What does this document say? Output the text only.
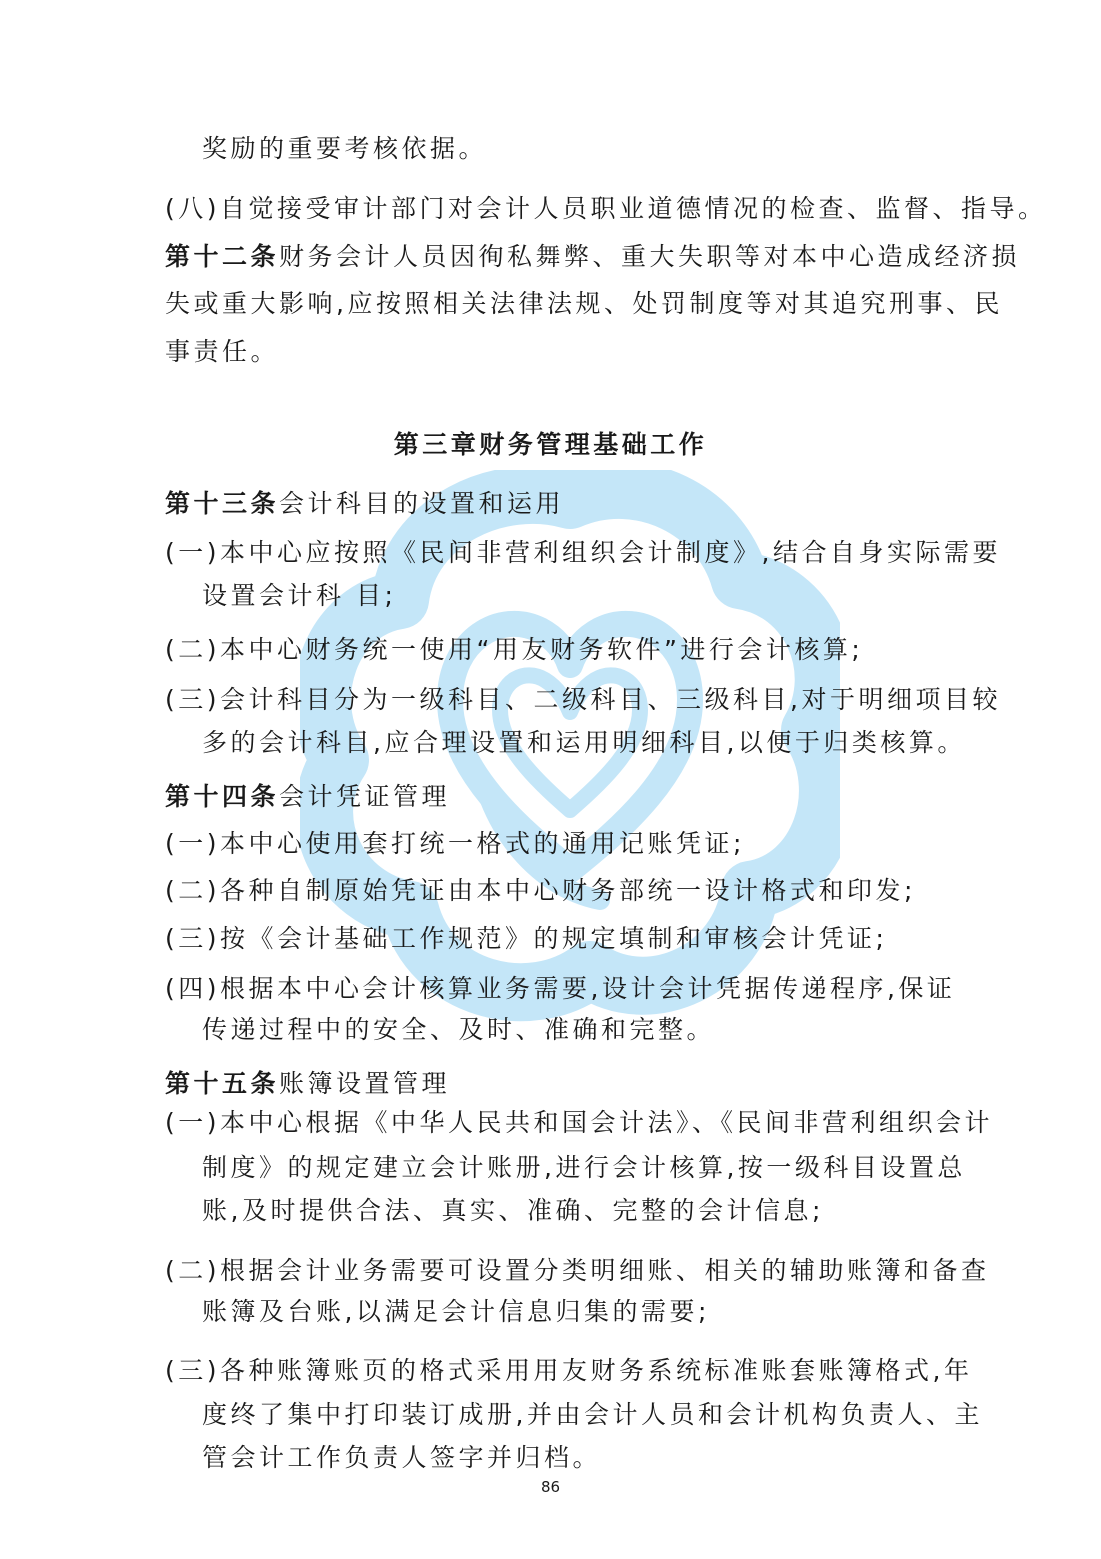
奖励的重要考核依据。
(八)自觉接受审计部门对会计人员职业道德情况的检查、监督、指导。
第十二条财务会计人员因徇私舞弊、重大失职等对本中心造成经济损
失或重大影响,应按照相关法律法规、处罚制度等对其追究刑事、民
事责任。
第三章财务管理基础工作
第十三条会计科目的设置和运用
(一)本中心应按照《民间非营利组织会计制度》,结合自身实际需要
设置会计科 目;
(二)本中心财务统一使用“用友财务软件”进行会计核算;
(三)会计科目分为一级科目、二级科目、三级科目,对于明细项目较
多的会计科目,应合理设置和运用明细科目,以便于归类核算。
第十四条会计凭证管理
(一)本中心使用套打统一格式的通用记账凭证;
(二)各种自制原始凭证由本中心财务部统一设计格式和印发;
(三)按《会计基础工作规范》的规定填制和审核会计凭证;
(四)根据本中心会计核算业务需要,设计会计凭据传递程序,保证
传递过程中的安全、及时、准确和完整。
第十五条账簿设置管理
(一)本中心根据《中华人民共和国会计法》、《民间非营利组织会计
制度》的规定建立会计账册,进行会计核算,按一级科目设置总
账,及时提供合法、真实、准确、完整的会计信息;
(二)根据会计业务需要可设置分类明细账、相关的辅助账簿和备查
账簿及台账,以满足会计信息归集的需要;
(三)各种账簿账页的格式采用用友财务系统标准账套账簿格式,年
度终了集中打印装订成册,并由会计人员和会计机构负责人、主
管会计工作负责人签字并归档。
86
